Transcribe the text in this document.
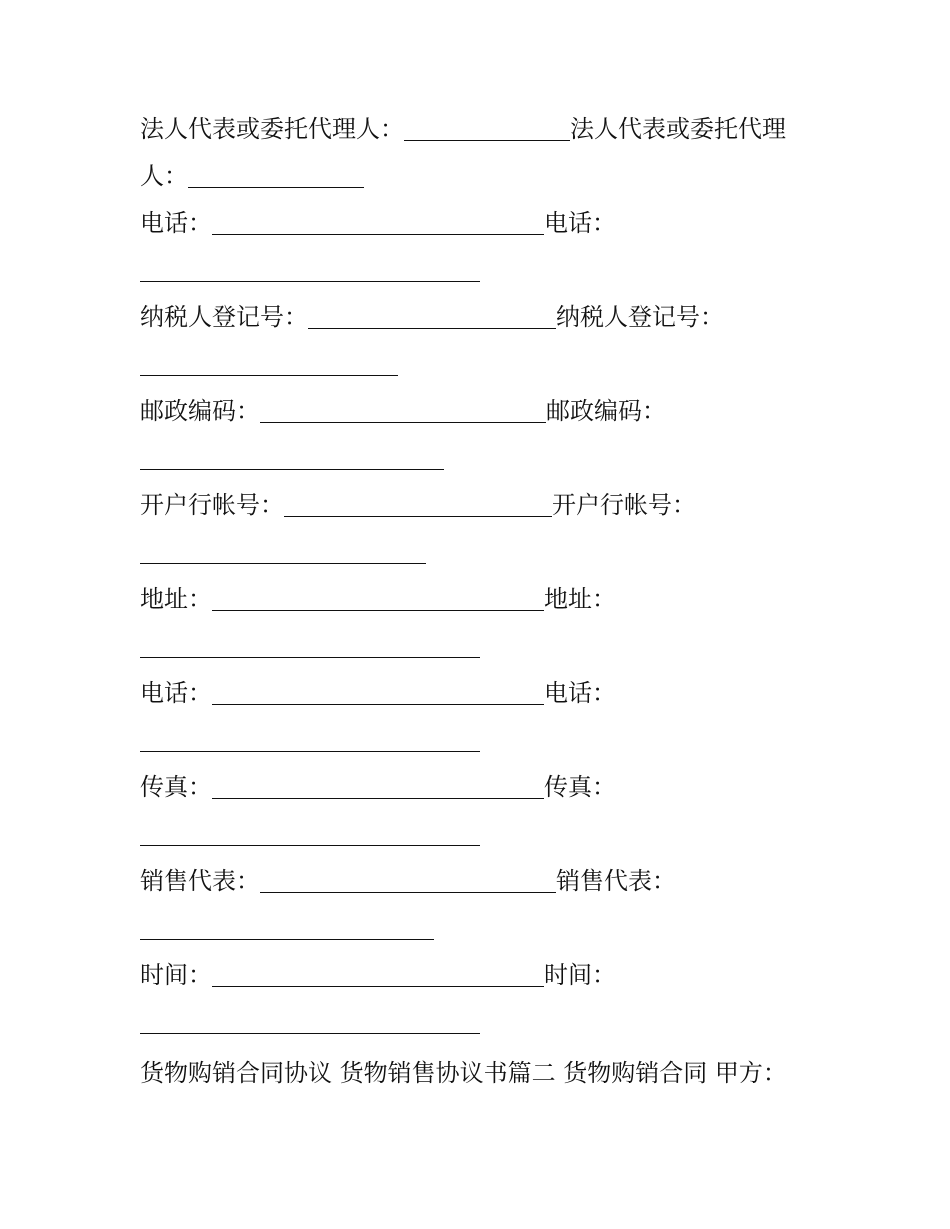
法人代表或委托代理人：	法人代表或委托代理
人：
电话：	电话：
纳税人登记号：	纳税人登记号：
邮政编码：	邮政编码：
开户行帐号：	开户行帐号：
地址：	地址：
电话：	电话：
传真：	传真：
销售代表：	销售代表：
时间：	时间：
货物购销合同协议 货物销售协议书篇二 货物购销合同 甲方：
